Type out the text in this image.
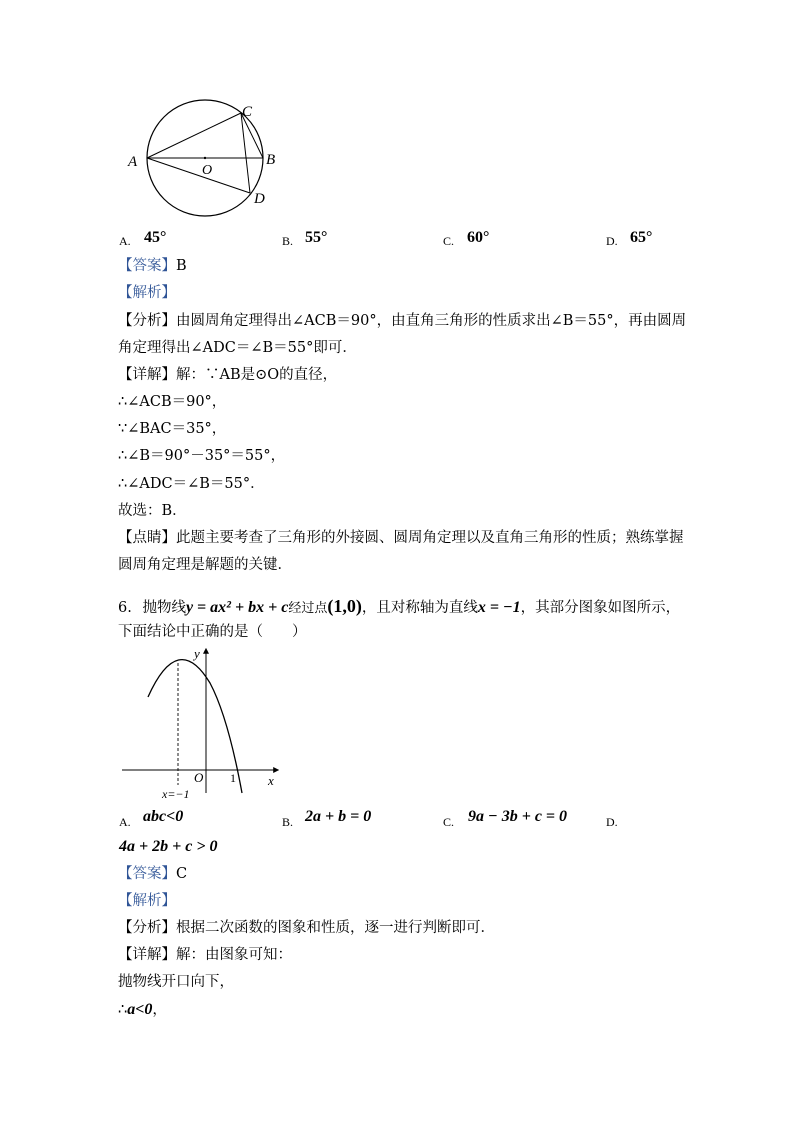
A	B
C
D
O
A. 45°	B. 55°	C. 60°	D. 65°
【答案】B
【解析】
【分析】由圆周角定理得出∠ACB＝90°，由直角三角形的性质求出∠B＝55°，再由圆周
角定理得出∠ADC＝∠B＝55°即可．
【详解】解：∵AB是⊙O的直径，
∴∠ACB＝90°，
∵∠BAC＝35°，
∴∠B＝90°－35°＝55°，
∴∠ADC＝∠B＝55°．
故选：B．
【点睛】此题主要考查了三角形的外接圆、圆周角定理以及直角三角形的性质；熟练掌握
圆周角定理是解题的关键．
6. 抛物线y = ax² + bx + c经过点(1,0)，且对称轴为直线x = −1，其部分图象如图所示，
下面结论中正确的是（　　）
y
x
O 1
x=−1
A. abc<0	B. 2a + b = 0	C. 9a − 3b + c = 0	D.
4a + 2b + c > 0
【答案】C
【解析】
【分析】根据二次函数的图象和性质，逐一进行判断即可．
【详解】解：由图象可知：
抛物线开口向下，
∴a<0，
